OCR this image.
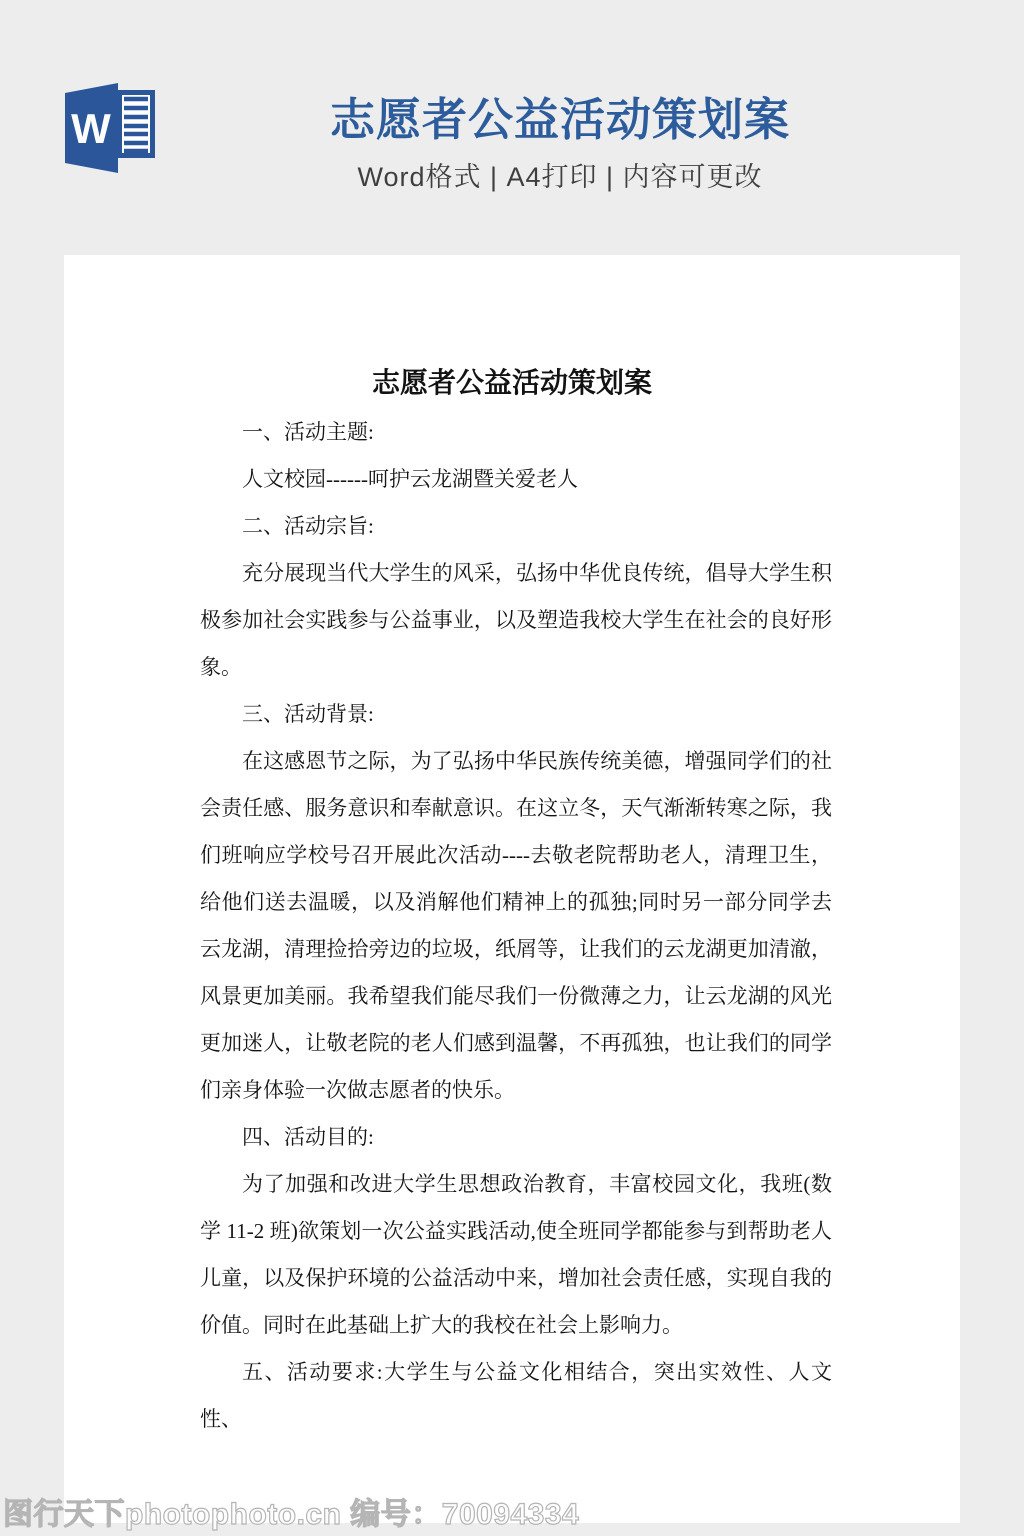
W	志愿者公益活动策划案
Word格式 | A4打印 | 内容可更改
志愿者公益活动策划案

一、活动主题:

人文校园------呵护云龙湖暨关爱老人

二、活动宗旨:

充分展现当代大学生的风采，弘扬中华优良传统，倡导大学生积极参加社会实践参与公益事业，以及塑造我校大学生在社会的良好形象。

三、活动背景:

在这感恩节之际，为了弘扬中华民族传统美德，增强同学们的社会责任感、服务意识和奉献意识。在这立冬，天气渐渐转寒之际，我们班响应学校号召开展此次活动----去敬老院帮助老人，清理卫生，给他们送去温暖，以及消解他们精神上的孤独;同时另一部分同学去云龙湖，清理捡拾旁边的垃圾，纸屑等，让我们的云龙湖更加清澈，风景更加美丽。我希望我们能尽我们一份微薄之力，让云龙湖的风光更加迷人，让敬老院的老人们感到温馨，不再孤独，也让我们的同学们亲身体验一次做志愿者的快乐。

四、活动目的:

为了加强和改进大学生思想政治教育，丰富校园文化，我班(数学 11-2 班)欲策划一次公益实践活动,使全班同学都能参与到帮助老人儿童，以及保护环境的公益活动中来，增加社会责任感，实现自我的价值。同时在此基础上扩大的我校在社会上影响力。

五、活动要求:大学生与公益文化相结合，突出实效性、人文性、

图行天下photophoto.cn 编号：70094334
